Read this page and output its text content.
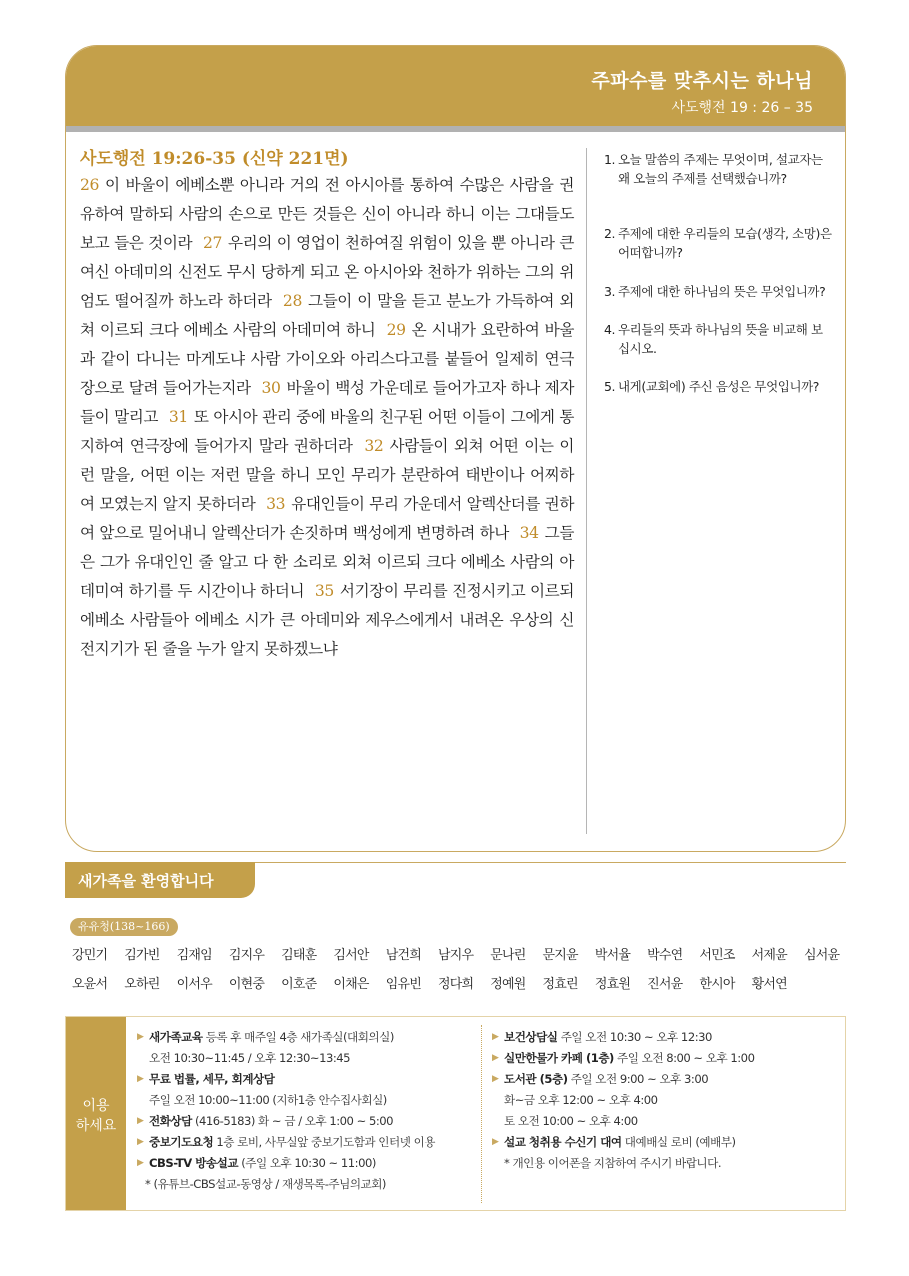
주파수를 맞추시는 하나님
사도행전 19 : 26 – 35
사도행전 19:26-35 (신약 221면)
26 이 바울이 에베소뿐 아니라 거의 전 아시아를 통하여 수많은 사람을 권유하여 말하되 사람의 손으로 만든 것들은 신이 아니라 하니 이는 그대들도 보고 들은 것이라 27 우리의 이 영업이 천하여질 위험이 있을 뿐 아니라 큰 여신 아데미의 신전도 무시 당하게 되고 온 아시아와 천하가 위하는 그의 위엄도 떨어질까 하노라 하더라 28 그들이 이 말을 듣고 분노가 가득하여 외쳐 이르되 크다 에베소 사람의 아데미여 하니 29 온 시내가 요란하여 바울과 같이 다니는 마게도냐 사람 가이오와 아리스다고를 붙들어 일제히 연극장으로 달려 들어가는지라 30 바울이 백성 가운데로 들어가고자 하나 제자들이 말리고 31 또 아시아 관리 중에 바울의 친구된 어떤 이들이 그에게 통지하여 연극장에 들어가지 말라 권하더라 32 사람들이 외쳐 어떤 이는 이런 말을, 어떤 이는 저런 말을 하니 모인 무리가 분란하여 태반이나 어찌하여 모였는지 알지 못하더라 33 유대인들이 무리 가운데서 알렉산더를 권하여 앞으로 밀어내니 알렉산더가 손짓하며 백성에게 변명하려 하나 34 그들은 그가 유대인인 줄 알고 다 한 소리로 외쳐 이르되 크다 에베소 사람의 아데미여 하기를 두 시간이나 하더니 35 서기장이 무리를 진정시키고 이르되 에베소 사람들아 에베소 시가 큰 아데미와 제우스에게서 내려온 우상의 신전지기가 된 줄을 누가 알지 못하겠느냐
1. 오늘 말씀의 주제는 무엇이며, 설교자는 왜 오늘의 주제를 선택했습니까?
2. 주제에 대한 우리들의 모습(생각, 소망)은 어떠합니까?
3. 주제에 대한 하나님의 뜻은 무엇입니까?
4. 우리들의 뜻과 하나님의 뜻을 비교해 보십시오.
5. 내게(교회에) 주신 음성은 무엇입니까?
새가족을 환영합니다
유유청(138~166)
강민기 김가빈 김재임 김지우 김태훈 김서안 남건희 남지우 문나린 문지윤 박서율 박수연 서민조 서제윤 심서윤
오윤서 오하린 이서우 이현중 이호준 이채은 임유빈 정다희 정예원 정효린 정효원 진서윤 한시아 황서연
이용
하세요
▶ 새가족교육 등록 후 매주일 4층 새가족실(대회의실)
오전 10:30~11:45 / 오후 12:30~13:45
▶ 무료 법률, 세무, 회계상담
주일 오전 10:00~11:00 (지하1층 안수집사회실)
▶ 전화상담 (416-5183) 화 ~ 금 / 오후 1:00 ~ 5:00
▶ 중보기도요청 1층 로비, 사무실앞 중보기도함과 인터넷 이용
▶ CBS-TV 방송설교 (주일 오후 10:30 ~ 11:00)
* (유튜브-CBS설교-동영상 / 재생목록-주님의교회)
▶ 보건상담실 주일 오전 10:30 ~ 오후 12:30
▶ 실만한물가 카페 (1층) 주일 오전 8:00 ~ 오후 1:00
▶ 도서관 (5층) 주일 오전 9:00 ~ 오후 3:00
화~금 오후 12:00 ~ 오후 4:00
토 오전 10:00 ~ 오후 4:00
▶ 설교 청취용 수신기 대여 대예배실 로비 (예배부)
* 개인용 이어폰을 지참하여 주시기 바랍니다.
